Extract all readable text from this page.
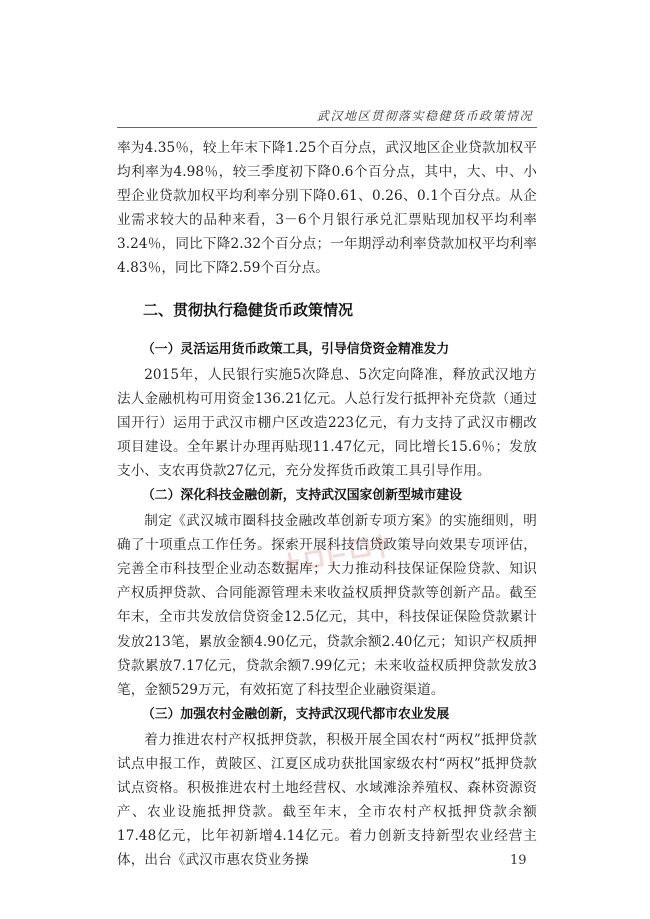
武汉地区贯彻落实稳健货币政策情况

率为4.35％，较上年末下降1.25个百分点，武汉地区企业贷款加权平均利率为4.98％，较三季度初下降0.6个百分点，其中，大、中、小型企业贷款加权平均利率分别下降0.61、0.26、0.1个百分点。从企业需求较大的品种来看，3－6个月银行承兑汇票贴现加权平均利率3.24％，同比下降2.32个百分点；一年期浮动利率贷款加权平均利率4.83％，同比下降2.59个百分点。

二、贯彻执行稳健货币政策情况
（一）灵活运用货币政策工具，引导信贷资金精准发力

2015年，人民银行实施5次降息、5次定向降准，释放武汉地方法人金融机构可用资金136.21亿元。人总行发行抵押补充贷款（通过国开行）运用于武汉市棚户区改造223亿元，有力支持了武汉市棚改项目建设。全年累计办理再贴现11.47亿元，同比增长15.6％；发放支小、支农再贷款27亿元，充分发挥货币政策工具引导作用。

（二）深化科技金融创新，支持武汉国家创新型城市建设

制定《武汉城市圈科技金融改革创新专项方案》的实施细则，明确了十项重点工作任务。探索开展科技信贷政策导向效果专项评估，完善全市科技型企业动态数据库；大力推动科技保证保险贷款、知识产权质押贷款、合同能源管理未来收益权质押贷款等创新产品。截至年末，全市共发放信贷资金12.5亿元，其中，科技保证保险贷款累计发放213笔，累放金额4.90亿元，贷款余额2.40亿元；知识产权质押贷款累放7.17亿元，贷款余额7.99亿元；未来收益权质押贷款发放3笔，金额529万元，有效拓宽了科技型企业融资渠道。

（三）加强农村金融创新，支持武汉现代都市农业发展

着力推进农村产权抵押贷款，积极开展全国农村“两权”抵押贷款试点申报工作，黄陂区、江夏区成功获批国家级农村“两权”抵押贷款试点资格。积极推进农村土地经营权、水域滩涂养殖权、森林资源资产、农业设施抵押贷款。截至年末，全市农村产权抵押贷款余额17.48亿元，比年初新增4.14亿元。着力创新支持新型农业经营主体，出台《武汉市惠农贷业务操	19
